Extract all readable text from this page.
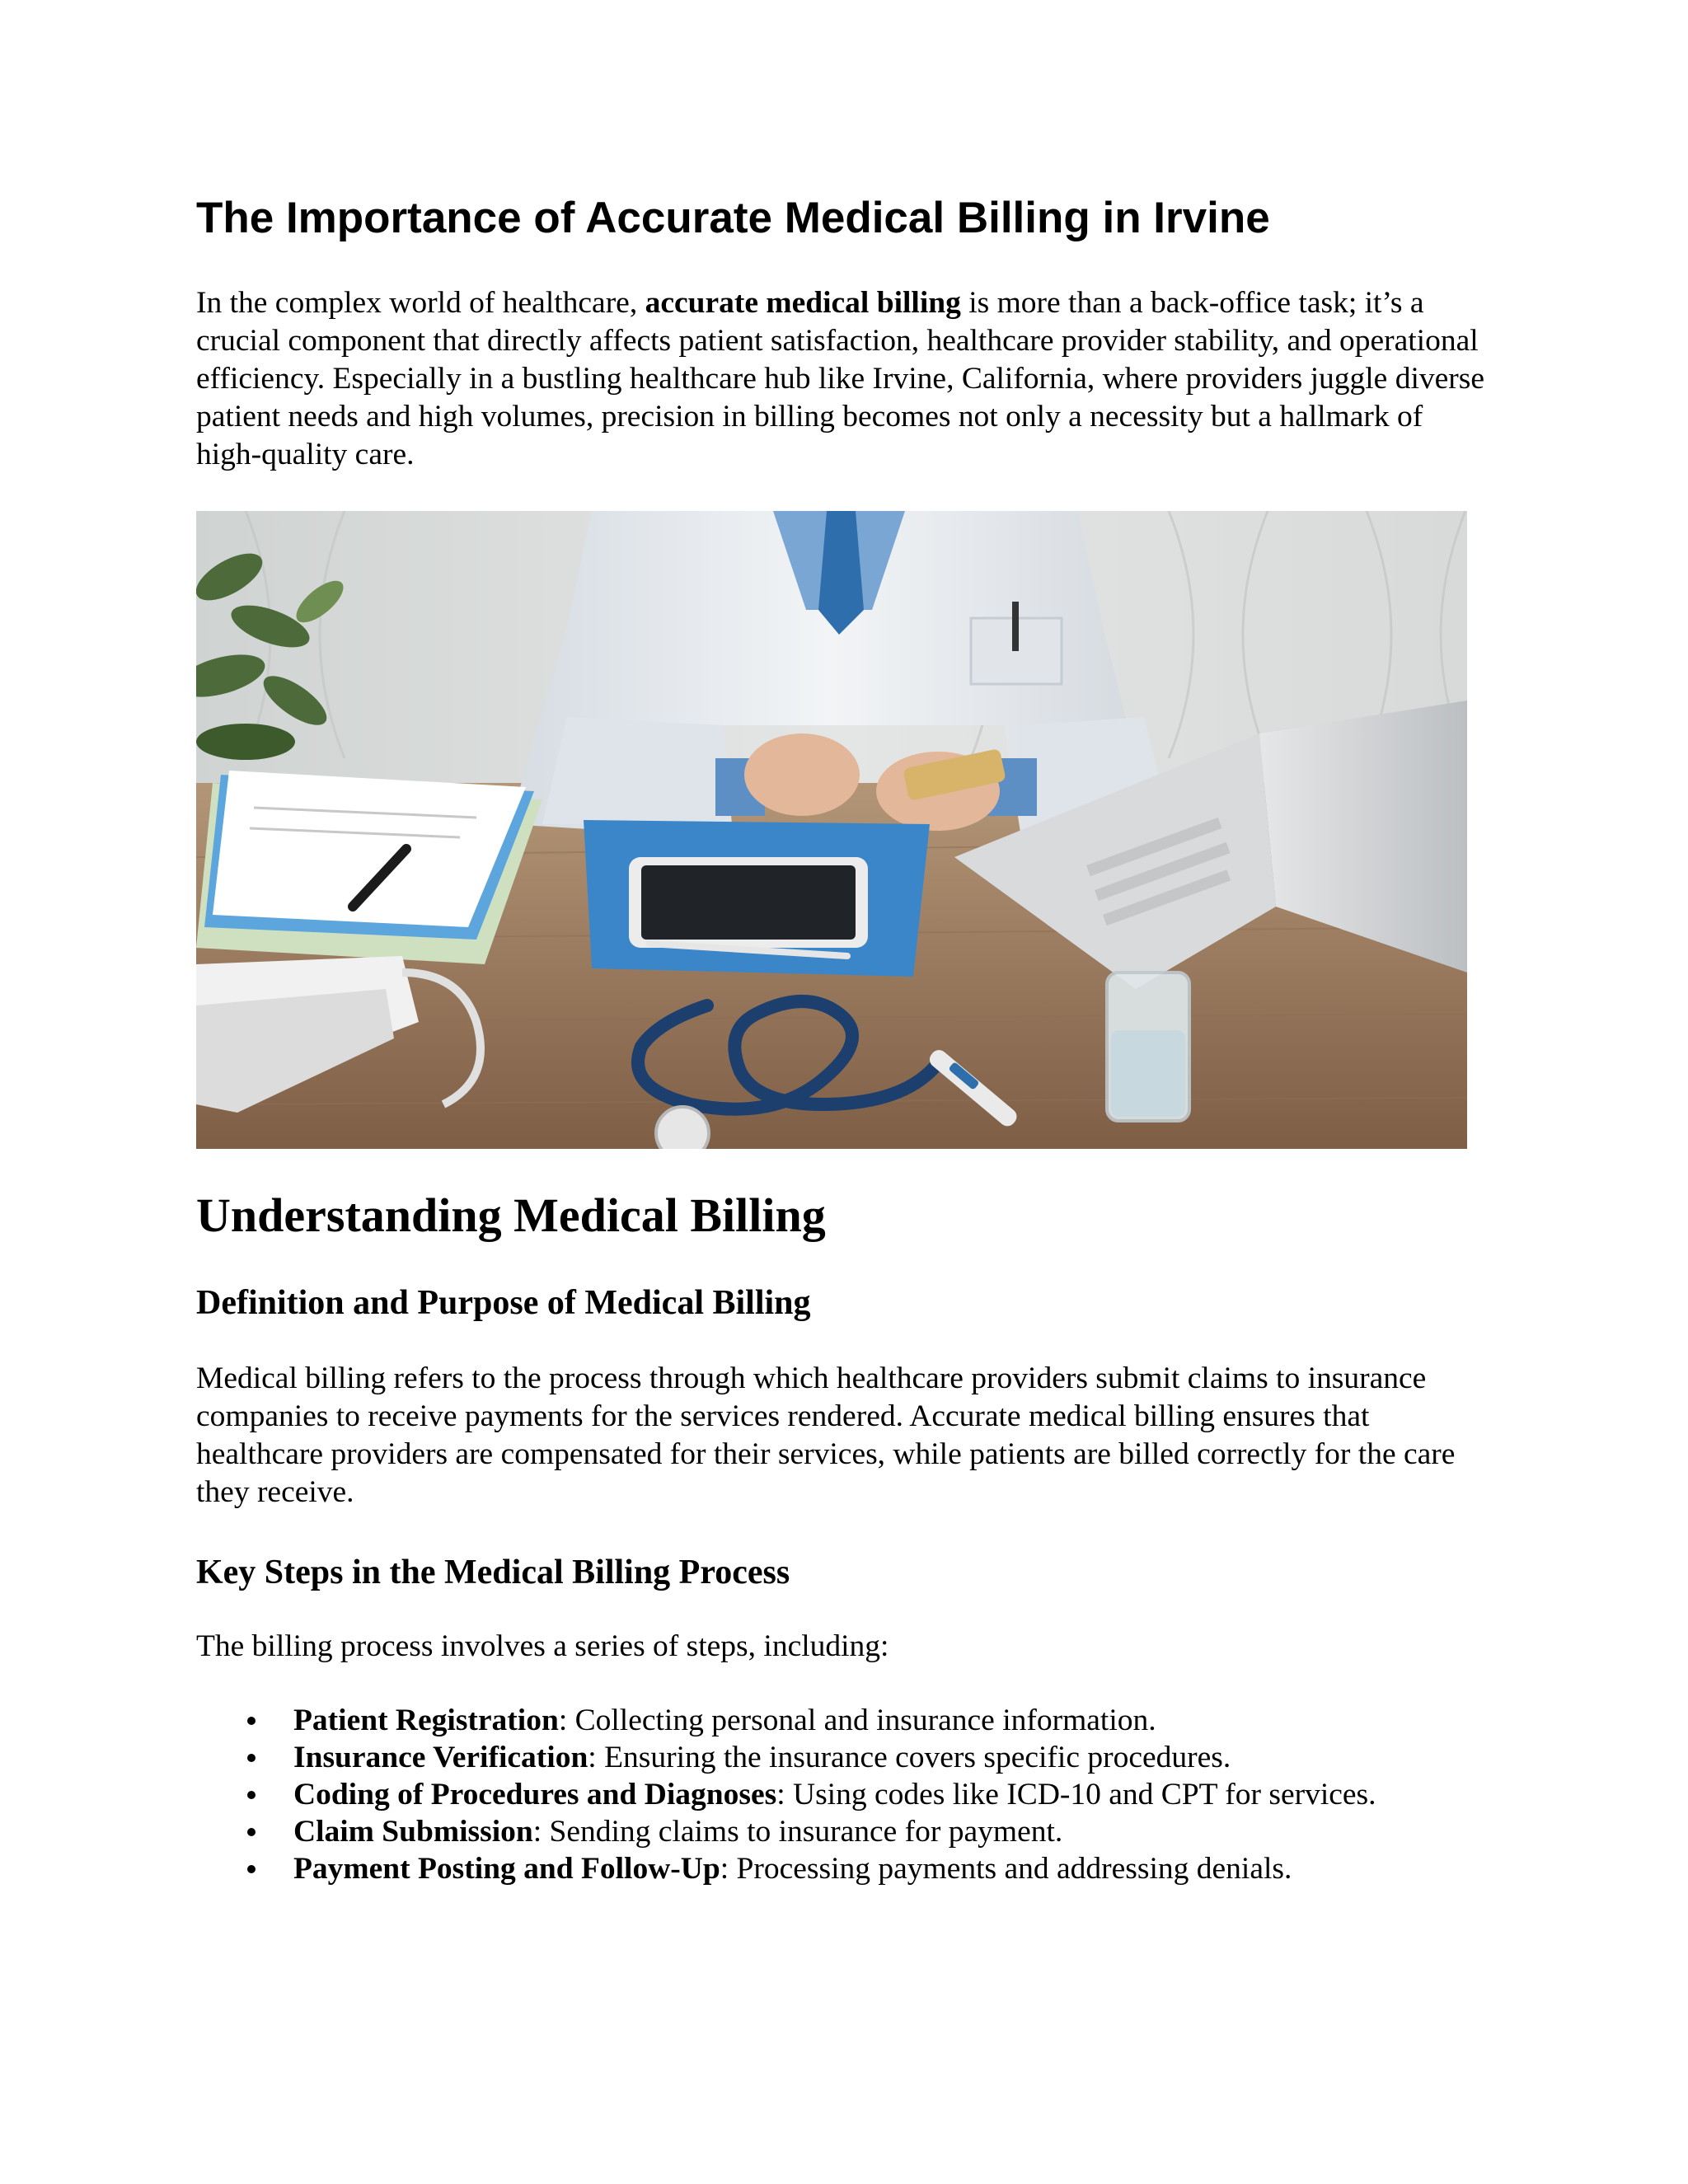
The Importance of Accurate Medical Billing in Irvine

In the complex world of healthcare, accurate medical billing is more than a back-office task; it’s a crucial component that directly affects patient satisfaction, healthcare provider stability, and operational efficiency. Especially in a bustling healthcare hub like Irvine, California, where providers juggle diverse patient needs and high volumes, precision in billing becomes not only a necessity but a hallmark of high-quality care.

Understanding Medical Billing
Definition and Purpose of Medical Billing

Medical billing refers to the process through which healthcare providers submit claims to insurance companies to receive payments for the services rendered. Accurate medical billing ensures that healthcare providers are compensated for their services, while patients are billed correctly for the care they receive.

Key Steps in the Medical Billing Process

The billing process involves a series of steps, including:

Patient Registration: Collecting personal and insurance information.
Insurance Verification: Ensuring the insurance covers specific procedures.
Coding of Procedures and Diagnoses: Using codes like ICD-10 and CPT for services.
Claim Submission: Sending claims to insurance for payment.
Payment Posting and Follow-Up: Processing payments and addressing denials.
